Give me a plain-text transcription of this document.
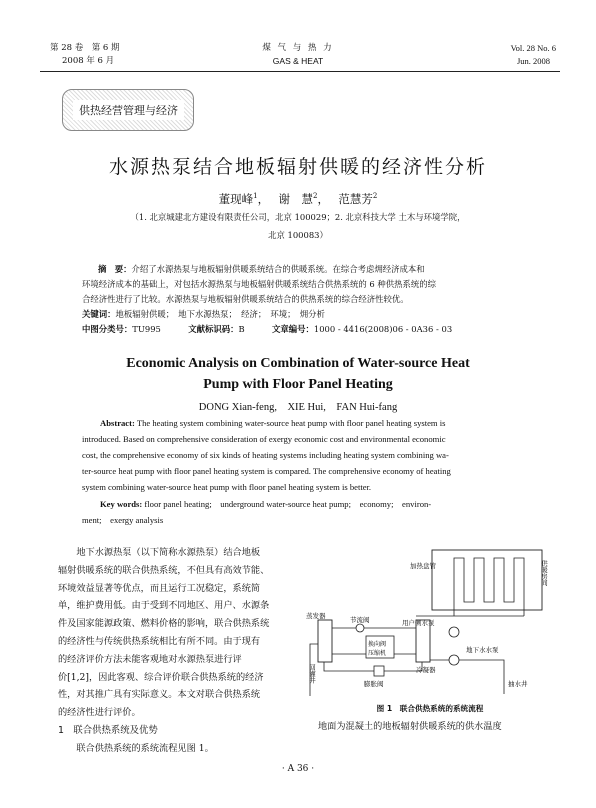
第 28 卷　第 6 期
2008 年 6 月
煤 气 与 热 力
GAS & HEAT
Vol. 28 No. 6
Jun. 2008
供热经营管理与经济
水源热泵结合地板辐射供暖的经济性分析
董现峰$^1$，　 谢　慧$^2$，　 范慧芳$^2$
（1. 北京城建北方建设有限责任公司，北京 100029；2. 北京科技大学 土木与环境学院，
北京 100083）
摘　要：介绍了水源热泵与地板辐射供暖系统结合的供暖系统。在综合考虑㶲经济成本和
环境经济成本的基础上，对包括水源热泵与地板辐射供暖系统结合供热系统的 6 种供热系统的综
合经济性进行了比较。水源热泵与地板辐射供暖系统结合的供热系统的综合经济性较优。
关键词：地板辐射供暖；　地下水源热泵；　经济；　环境；　㶲分析
中图分类号：TU995	文献标识码：B	文章编号：1000 - 4416(2008)06 - 0A36 - 03
Economic Analysis on Combination of Water-source Heat
Pump with Floor Panel Heating
DONG Xian-feng,　XIE Hui,　FAN Hui-fang
Abstract: The heating system combining water-source heat pump with floor panel heating system is
introduced. Based on comprehensive consideration of exergy economic cost and environmental economic
cost, the comprehensive economy of six kinds of heating systems including heating system combining wa-
ter-source heat pump with floor panel heating system is compared. The comprehensive economy of heating
system combining water-source heat pump with floor panel heating system is better.
Key words: floor panel heating;　underground water-source heat pump;　economy;　environ-
ment;　exergy analysis
　　地下水源热泵（以下简称水源热泵）结合地板
辐射供暖系统的联合供热系统，不但具有高效节能、
环境效益显著等优点，而且运行工况稳定，系统简
单，维护费用低。由于受到不同地区、用户、水源条
件及国家能源政策、燃料价格的影响，联合供热系统
的经济性与传统供热系统相比有所不同。由于现有
的经济评价方法未能客观地对水源热泵进行评
价[1,2]，因此客观、综合评价联合供热系统的经济
性，对其推广具有实际意义。本文对联合供热系统
的经济性进行评价。
1　联合供热系统及优势
　　联合供热系统的系统流程见图 1。
加热盘管	供暖房间
用户侧水泵
蒸发器
冷凝器
节流阀
换向阀
压缩机
膨胀阀
地下水水泵
回灌井
抽水井
图 1　联合供热系统的系统流程
地面为混凝土的地板辐射供暖系统的供水温度
· A 36 ·
